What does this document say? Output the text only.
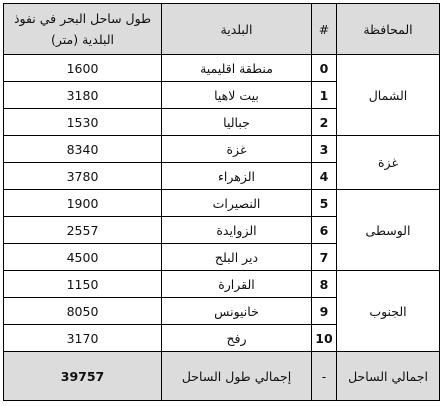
طول ساحل البحر في نفوذ البلدية (متر)	البلدية	#	المحافظة
1600	منطقة اقليمية	0	الشمال
3180	بيت لاهيا	1	
1530	جباليا	2	
8340	غزة	3	غزة
3780	الزهراء	4	
1900	النصيرات	5	الوسطى
2557	الزوايدة	6	
4500	دير البلح	7	
1150	القرارة	8	الجنوب
8050	خانيونس	9	
3170	رفح	10	
39757	إجمالي طول الساحل	-	اجمالي الساحل
